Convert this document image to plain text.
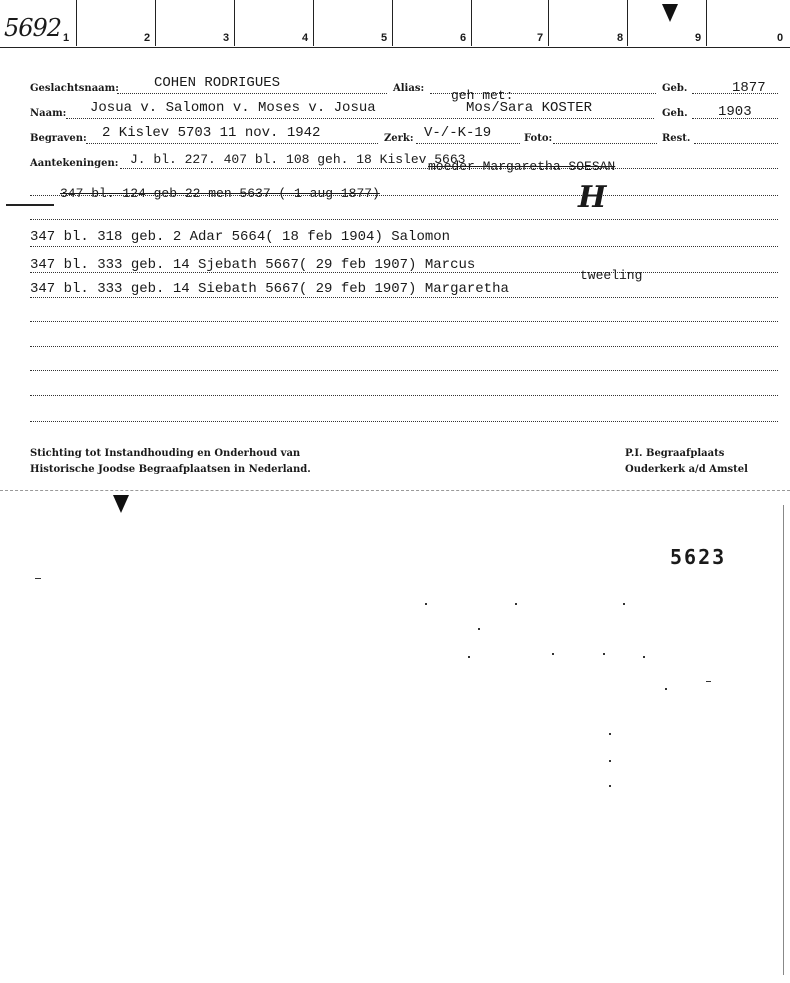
5692 1	2	3	4	5	6	7	8	9	0
Geslachtsnaam:	COHEN RODRIGUES	Alias:	Geb.	1877
Naam: Josua v. Salomon v. Moses v. Josua
geh met:
Mos/Sara KOSTER	Geh. 1903
Begraven: 2 Kislev 5703 11 nov. 1942	Zerk: V-/-K-19	Foto:	Rest.
Aantekeningen: J. bl. 227. 407 bl. 108 geh. 18 Kislev 5663
moeder Margaretha SOESAN
347 bl. 124 geb 22 men 5637 ( 1 aug 1877)	H
347 bl. 318 geb. 2 Adar 5664( 18 feb 1904) Salomon
347 bl. 333 geb. 14 Sjebath 5667( 29 feb 1907) Marcus
tweeling
347 bl. 333 geb. 14 Siebath 5667( 29 feb 1907) Margaretha
Stichting tot Instandhouding en Onderhoud van
Historische Joodse Begraafplaatsen in Nederland.
P.I. Begraafplaats
Ouderkerk a/d Amstel
5623
